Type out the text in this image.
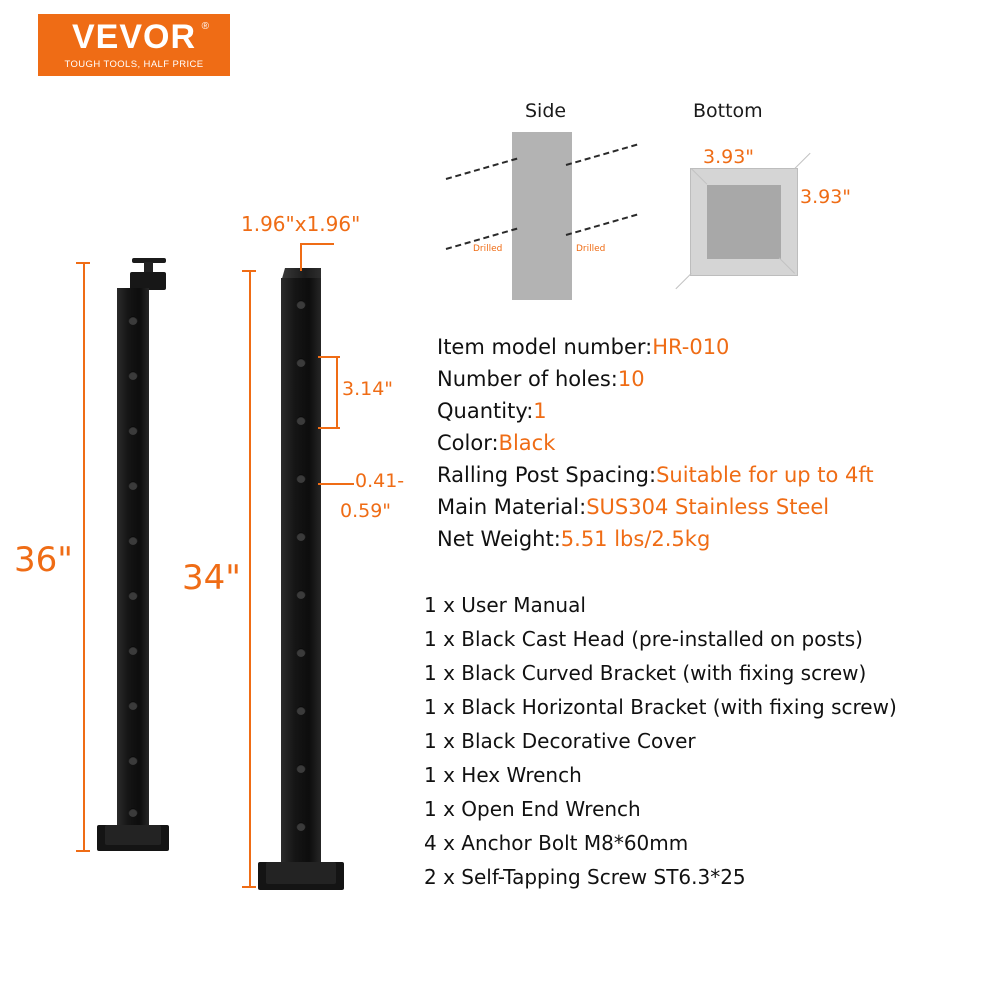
VEVOR ®
TOUGH TOOLS, HALF PRICE
36"	34"
1.96"x1.96"
3.14"
0.41-
0.59"
Side
Drilled	Drilled
Bottom
3.93"
3.93"
Item model number:HR-010
Number of holes:10
Quantity:1
Color:Black
Ralling Post Spacing:Suitable for up to 4ft
Main Material:SUS304 Stainless Steel
Net Weight:5.51 lbs/2.5kg
1 x User Manual
1 x Black Cast Head (pre-installed on posts)
1 x Black Curved Bracket (with fixing screw)
1 x Black Horizontal Bracket (with fixing screw)
1 x Black Decorative Cover
1 x Hex Wrench
1 x Open End Wrench
4 x Anchor Bolt M8*60mm
2 x Self-Tapping Screw ST6.3*25
